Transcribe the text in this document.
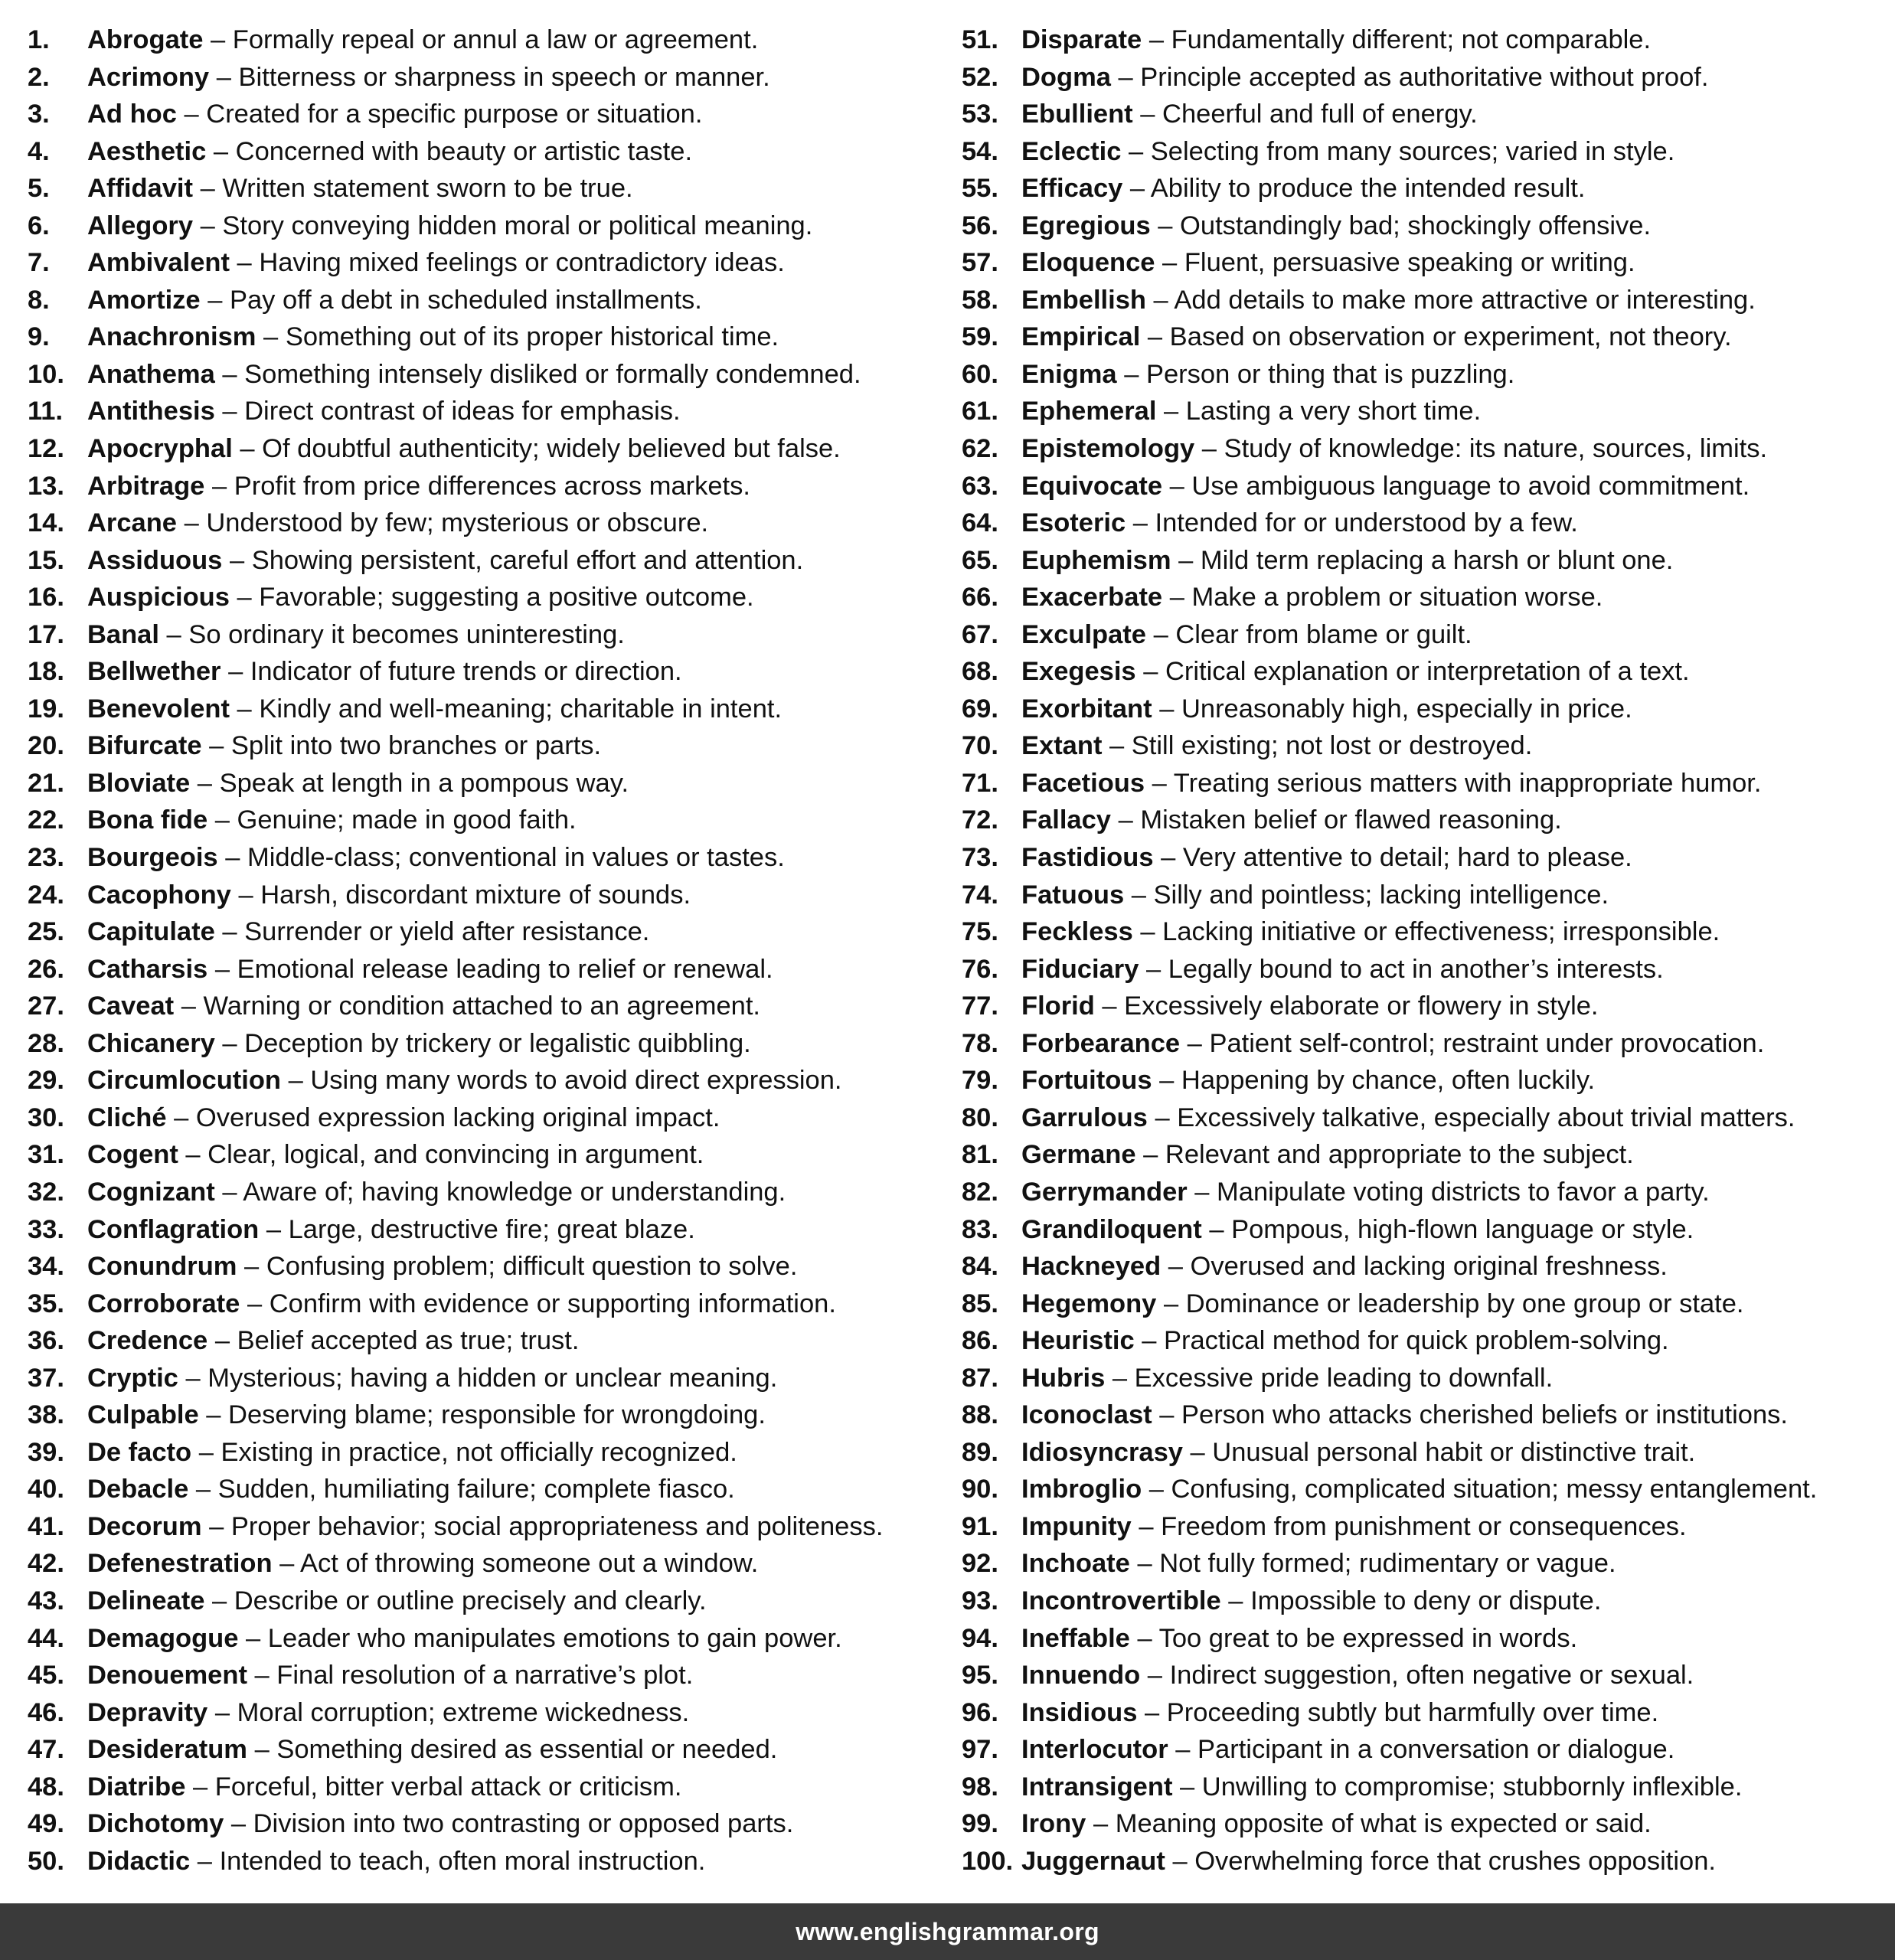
1.	Abrogate – Formally repeal or annul a law or agreement.
2.	Acrimony – Bitterness or sharpness in speech or manner.
3.	Ad hoc – Created for a specific purpose or situation.
4.	Aesthetic – Concerned with beauty or artistic taste.
5.	Affidavit – Written statement sworn to be true.
6.	Allegory – Story conveying hidden moral or political meaning.
7.	Ambivalent – Having mixed feelings or contradictory ideas.
8.	Amortize – Pay off a debt in scheduled installments.
9.	Anachronism – Something out of its proper historical time.
10. Anathema – Something intensely disliked or formally condemned.
11. Antithesis – Direct contrast of ideas for emphasis.
12. Apocryphal – Of doubtful authenticity; widely believed but false.
13. Arbitrage – Profit from price differences across markets.
14. Arcane – Understood by few; mysterious or obscure.
15. Assiduous – Showing persistent, careful effort and attention.
16. Auspicious – Favorable; suggesting a positive outcome.
17. Banal – So ordinary it becomes uninteresting.
18. Bellwether – Indicator of future trends or direction.
19. Benevolent – Kindly and well-meaning; charitable in intent.
20. Bifurcate – Split into two branches or parts.
21. Bloviate – Speak at length in a pompous way.
22. Bona fide – Genuine; made in good faith.
23. Bourgeois – Middle-class; conventional in values or tastes.
24. Cacophony – Harsh, discordant mixture of sounds.
25. Capitulate – Surrender or yield after resistance.
26. Catharsis – Emotional release leading to relief or renewal.
27. Caveat – Warning or condition attached to an agreement.
28. Chicanery – Deception by trickery or legalistic quibbling.
29. Circumlocution – Using many words to avoid direct expression.
30. Cliché – Overused expression lacking original impact.
31. Cogent – Clear, logical, and convincing in argument.
32. Cognizant – Aware of; having knowledge or understanding.
33. Conflagration – Large, destructive fire; great blaze.
34. Conundrum – Confusing problem; difficult question to solve.
35. Corroborate – Confirm with evidence or supporting information.
36. Credence – Belief accepted as true; trust.
37. Cryptic – Mysterious; having a hidden or unclear meaning.
38. Culpable – Deserving blame; responsible for wrongdoing.
39. De facto – Existing in practice, not officially recognized.
40. Debacle – Sudden, humiliating failure; complete fiasco.
41. Decorum – Proper behavior; social appropriateness and politeness.
42. Defenestration – Act of throwing someone out a window.
43. Delineate – Describe or outline precisely and clearly.
44. Demagogue – Leader who manipulates emotions to gain power.
45. Denouement – Final resolution of a narrative’s plot.
46. Depravity – Moral corruption; extreme wickedness.
47. Desideratum – Something desired as essential or needed.
48. Diatribe – Forceful, bitter verbal attack or criticism.
49. Dichotomy – Division into two contrasting or opposed parts.
50. Didactic – Intended to teach, often moral instruction.
51. Disparate – Fundamentally different; not comparable.
52. Dogma – Principle accepted as authoritative without proof.
53. Ebullient – Cheerful and full of energy.
54. Eclectic – Selecting from many sources; varied in style.
55. Efficacy – Ability to produce the intended result.
56. Egregious – Outstandingly bad; shockingly offensive.
57. Eloquence – Fluent, persuasive speaking or writing.
58. Embellish – Add details to make more attractive or interesting.
59. Empirical – Based on observation or experiment, not theory.
60. Enigma – Person or thing that is puzzling.
61. Ephemeral – Lasting a very short time.
62. Epistemology – Study of knowledge: its nature, sources, limits.
63. Equivocate – Use ambiguous language to avoid commitment.
64. Esoteric – Intended for or understood by a few.
65. Euphemism – Mild term replacing a harsh or blunt one.
66. Exacerbate – Make a problem or situation worse.
67. Exculpate – Clear from blame or guilt.
68. Exegesis – Critical explanation or interpretation of a text.
69. Exorbitant – Unreasonably high, especially in price.
70. Extant – Still existing; not lost or destroyed.
71. Facetious – Treating serious matters with inappropriate humor.
72. Fallacy – Mistaken belief or flawed reasoning.
73. Fastidious – Very attentive to detail; hard to please.
74. Fatuous – Silly and pointless; lacking intelligence.
75. Feckless – Lacking initiative or effectiveness; irresponsible.
76. Fiduciary – Legally bound to act in another’s interests.
77. Florid – Excessively elaborate or flowery in style.
78. Forbearance – Patient self-control; restraint under provocation.
79. Fortuitous – Happening by chance, often luckily.
80. Garrulous – Excessively talkative, especially about trivial matters.
81. Germane – Relevant and appropriate to the subject.
82. Gerrymander – Manipulate voting districts to favor a party.
83. Grandiloquent – Pompous, high-flown language or style.
84. Hackneyed – Overused and lacking original freshness.
85. Hegemony – Dominance or leadership by one group or state.
86. Heuristic – Practical method for quick problem-solving.
87. Hubris – Excessive pride leading to downfall.
88. Iconoclast – Person who attacks cherished beliefs or institutions.
89. Idiosyncrasy – Unusual personal habit or distinctive trait.
90. Imbroglio – Confusing, complicated situation; messy entanglement.
91. Impunity – Freedom from punishment or consequences.
92. Inchoate – Not fully formed; rudimentary or vague.
93. Incontrovertible – Impossible to deny or dispute.
94. Ineffable – Too great to be expressed in words.
95. Innuendo – Indirect suggestion, often negative or sexual.
96. Insidious – Proceeding subtly but harmfully over time.
97. Interlocutor – Participant in a conversation or dialogue.
98. Intransigent – Unwilling to compromise; stubbornly inflexible.
99. Irony – Meaning opposite of what is expected or said.
100. Juggernaut – Overwhelming force that crushes opposition.
www.englishgrammar.org
